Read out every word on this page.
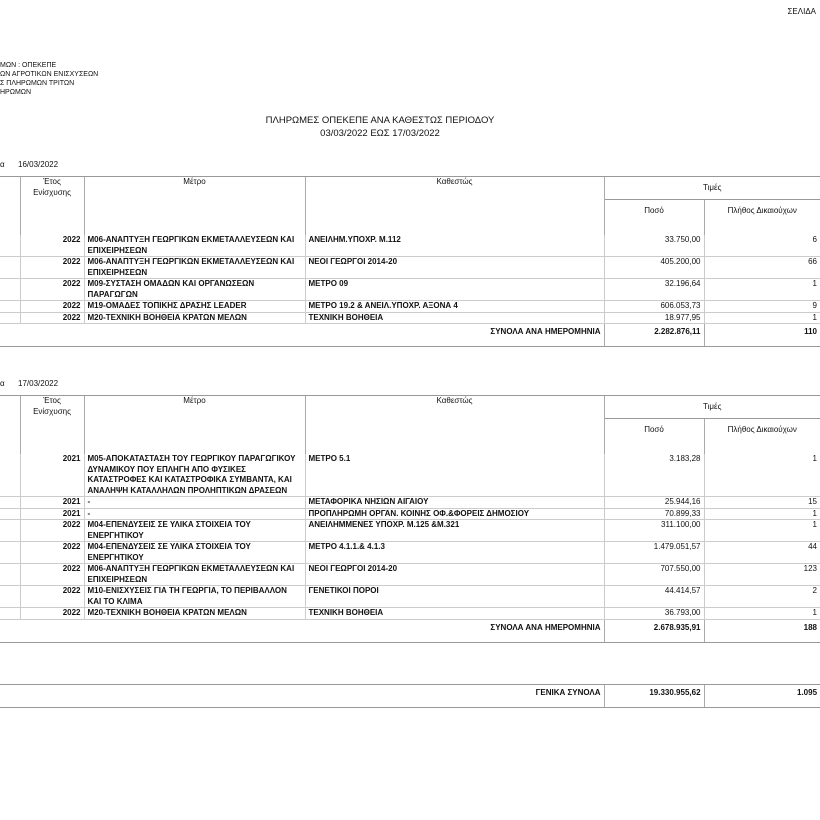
ΣΕΛΙΔΑ
ΜΩΝ : ΟΠΕΚΕΠΕ
ΩΝ ΑΓΡΟΤΙΚΩΝ ΕΝΙΣΧΥΣΕΩΝ
Σ ΠΛΗΡΩΜΩΝ ΤΡΙΤΩΝ
ΗΡΩΜΩΝ
ΠΛΗΡΩΜΕΣ ΟΠΕΚΕΠΕ ΑΝΑ ΚΑΘΕΣΤΩΣ ΠΕΡΙΟΔΟΥ
03/03/2022 ΕΩΣ 17/03/2022
α 16/03/2022
	Έτος Ενίσχυσης	Μέτρο	Καθεστώς	Τιμές	
				Ποσό	Πλήθος Δικαιούχων
	2022	M06-ΑΝΑΠΤΥΞΗ ΓΕΩΡΓΙΚΩΝ ΕΚΜΕΤΑΛΛΕΥΣΕΩΝ ΚΑΙ ΕΠΙΧΕΙΡΗΣΕΩΝ	ΑΝΕΙΛΗΜ.ΥΠΟΧΡ. Μ.112	33.750,00	6
	2022	M06-ΑΝΑΠΤΥΞΗ ΓΕΩΡΓΙΚΩΝ ΕΚΜΕΤΑΛΛΕΥΣΕΩΝ ΚΑΙ ΕΠΙΧΕΙΡΗΣΕΩΝ	ΝΕΟΙ ΓΕΩΡΓΟΙ 2014-20	405.200,00	66
	2022	M09-ΣΥΣΤΑΣΗ ΟΜΑΔΩΝ ΚΑΙ ΟΡΓΑΝΩΣΕΩΝ ΠΑΡΑΓΩΓΩΝ	ΜΕΤΡΟ 09	32.196,64	1
	2022	M19-ΟΜΑΔΕΣ ΤΟΠΙΚΗΣ ΔΡΑΣΗΣ LEADER	ΜΕΤΡΟ 19.2 & ΑΝΕΙΛ.ΥΠΟΧΡ. ΑΞΟΝΑ 4	606.053,73	9
	2022	M20-ΤΕΧΝΙΚΗ ΒΟΗΘΕΙΑ ΚΡΑΤΩΝ ΜΕΛΩΝ	ΤΕΧΝΙΚΗ ΒΟΗΘΕΙΑ	18.977,95	1
ΣΥΝΟΛΑ ΑΝΑ ΗΜΕΡΟΜΗΝΙΑ				2.282.876,11	110
α 17/03/2022
	Έτος Ενίσχυσης	Μέτρο	Καθεστώς	Τιμές	
				Ποσό	Πλήθος Δικαιούχων
	2021	M05-ΑΠΟΚΑΤΑΣΤΑΣΗ ΤΟΥ ΓΕΩΡΓΙΚΟΥ ΠΑΡΑΓΩΓΙΚΟΥ ΔΥΝΑΜΙΚΟΥ ΠΟΥ ΕΠΛΗΓΗ ΑΠΟ ΦΥΣΙΚΕΣ ΚΑΤΑΣΤΡΟΦΕΣ ΚΑΙ ΚΑΤΑΣΤΡΟΦΙΚΑ ΣΥΜΒΑΝΤΑ, ΚΑΙ ΑΝΑΛΗΨΗ ΚΑΤΑΛΛΗΛΩΝ ΠΡΟΛΗΠΤΙΚΩΝ ΔΡΑΣΕΩΝ	ΜΕΤΡΟ 5.1	3.183,28	1
	2021	-	ΜΕΤΑΦΟΡΙΚΑ ΝΗΣΙΩΝ ΑΙΓΑΙΟΥ	25.944,16	15
	2021	-	ΠΡΟΠΛΗΡΩΜΗ ΟΡΓΑΝ. ΚΟΙΝΗΣ ΟΦ.&ΦΟΡΕΙΣ ΔΗΜΟΣΙΟΥ	70.899,33	1
	2022	M04-ΕΠΕΝΔΥΣΕΙΣ ΣΕ ΥΛΙΚΑ ΣΤΟΙΧΕΙΑ ΤΟΥ ΕΝΕΡΓΗΤΙΚΟΥ	ΑΝΕΙΛΗΜΜΕΝΕΣ ΥΠΟΧΡ. Μ.125 &Μ.321	311.100,00	1
	2022	M04-ΕΠΕΝΔΥΣΕΙΣ ΣΕ ΥΛΙΚΑ ΣΤΟΙΧΕΙΑ ΤΟΥ ΕΝΕΡΓΗΤΙΚΟΥ	ΜΕΤΡΟ 4.1.1.& 4.1.3	1.479.051,57	44
	2022	M06-ΑΝΑΠΤΥΞΗ ΓΕΩΡΓΙΚΩΝ ΕΚΜΕΤΑΛΛΕΥΣΕΩΝ ΚΑΙ ΕΠΙΧΕΙΡΗΣΕΩΝ	ΝΕΟΙ ΓΕΩΡΓΟΙ 2014-20	707.550,00	123
	2022	M10-ΕΝΙΣΧΥΣΕΙΣ ΓΙΑ ΤΗ ΓΕΩΡΓΙΑ, ΤΟ ΠΕΡΙΒΑΛΛΟΝ ΚΑΙ ΤΟ ΚΛΙΜΑ	ΓΕΝΕΤΙΚΟΙ ΠΟΡΟΙ	44.414,57	2
	2022	M20-ΤΕΧΝΙΚΗ ΒΟΗΘΕΙΑ ΚΡΑΤΩΝ ΜΕΛΩΝ	ΤΕΧΝΙΚΗ ΒΟΗΘΕΙΑ	36.793,00	1
ΣΥΝΟΛΑ ΑΝΑ ΗΜΕΡΟΜΗΝΙΑ				2.678.935,91	188
ΓΕΝΙΚΑ ΣΥΝΟΛΑ	19.330.955,62	1.095
